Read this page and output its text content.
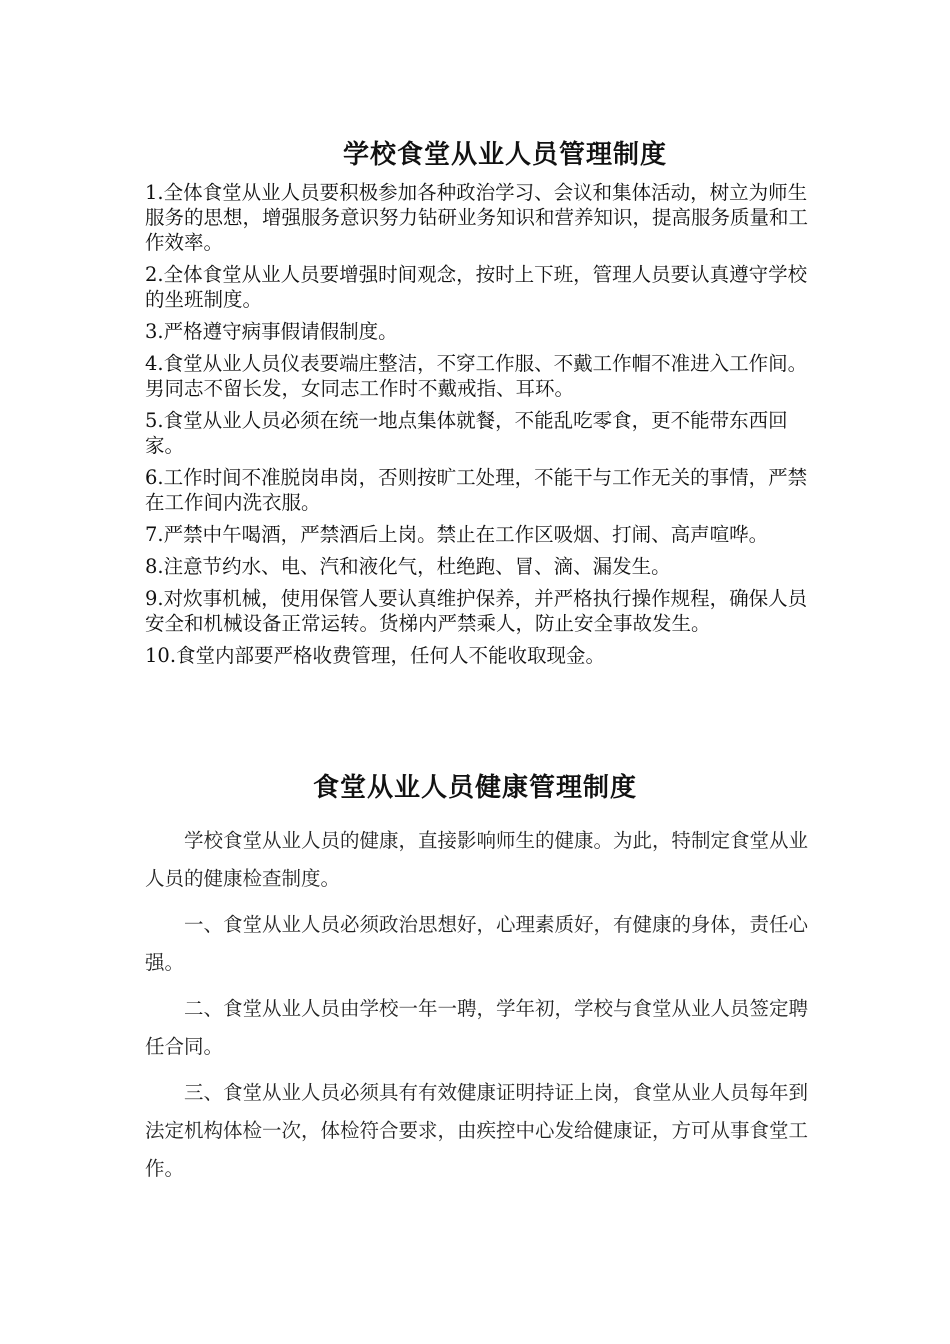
学校食堂从业人员管理制度
1.全体食堂从业人员要积极参加各种政治学习、会议和集体活动，树立为师生服务的思想，增强服务意识努力钻研业务知识和营养知识，提高服务质量和工作效率。
2.全体食堂从业人员要增强时间观念，按时上下班，管理人员要认真遵守学校的坐班制度。
3.严格遵守病事假请假制度。
4.食堂从业人员仪表要端庄整洁，不穿工作服、不戴工作帽不准进入工作间。男同志不留长发，女同志工作时不戴戒指、耳环。
5.食堂从业人员必须在统一地点集体就餐，不能乱吃零食，更不能带东西回家。
6.工作时间不准脱岗串岗，否则按旷工处理，不能干与工作无关的事情，严禁在工作间内洗衣服。
7.严禁中午喝酒，严禁酒后上岗。禁止在工作区吸烟、打闹、高声喧哗。
8.注意节约水、电、汽和液化气，杜绝跑、冒、滴、漏发生。
9.对炊事机械，使用保管人要认真维护保养，并严格执行操作规程，确保人员安全和机械设备正常运转。货梯内严禁乘人，防止安全事故发生。
10.食堂内部要严格收费管理，任何人不能收取现金。
食堂从业人员健康管理制度

学校食堂从业人员的健康，直接影响师生的健康。为此，特制定食堂从业人员的健康检查制度。

一、食堂从业人员必须政治思想好，心理素质好，有健康的身体，责任心强。

二、食堂从业人员由学校一年一聘，学年初，学校与食堂从业人员签定聘任合同。

三、食堂从业人员必须具有有效健康证明持证上岗，食堂从业人员每年到法定机构体检一次，体检符合要求，由疾控中心发给健康证，方可从事食堂工作。
